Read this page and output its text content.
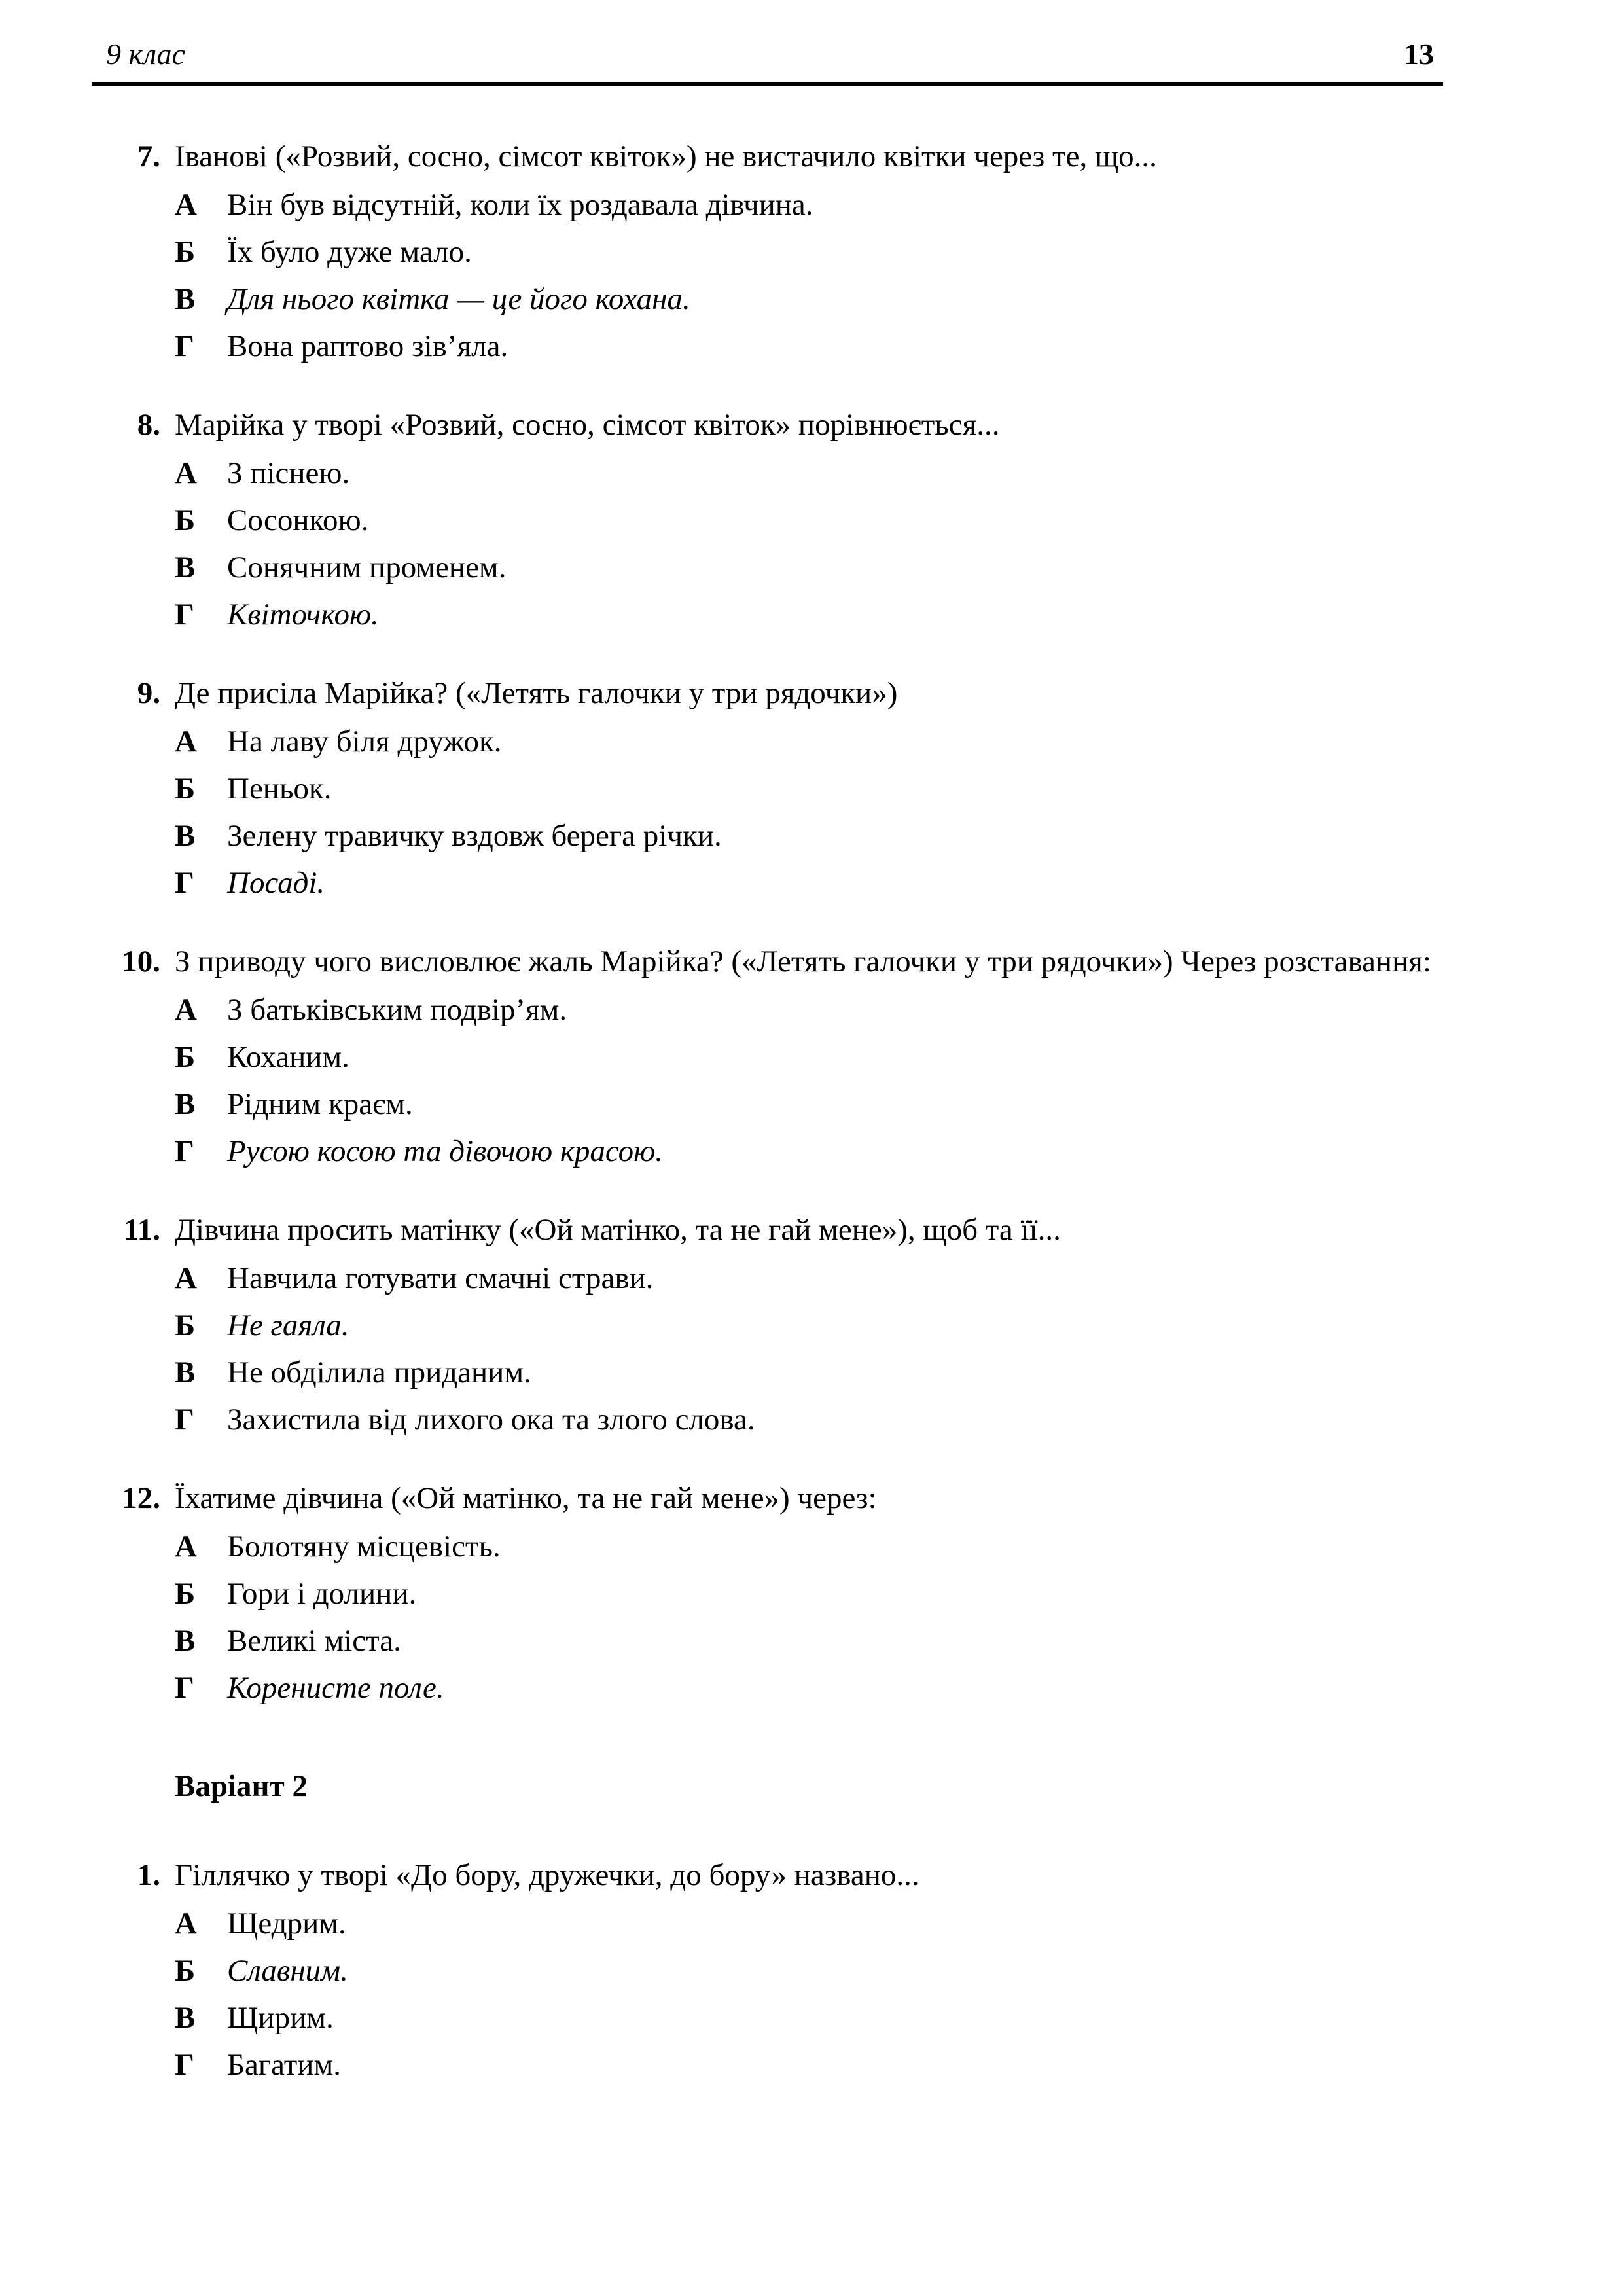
9 клас	13
7. Іванові («Розвий, сосно, сімсот квіток») не вистачило квітки через те, що...
А Він був відсутній, коли їх роздавала дівчина.
Б	Їх було дуже мало.
В	Для нього квітка — це його кохана.
Г	Вона раптово зів’яла.
8. Марійка у творі «Розвий, сосно, сімсот квіток» порівнюється...
А З піснею.
Б	Сосонкою.
В	Сонячним променем.
Г	Квіточкою.
9. Де присіла Марійка? («Летять галочки у три рядочки»)
А На лаву біля дружок.
Б	Пеньок.
В	Зелену травичку вздовж берега річки.
Г	Посаді.
10. З приводу чого висловлює жаль Марійка? («Летять галочки у три рядочки») Через розставання:
А З батьківським подвір’ям.
Б	Коханим.
В	Рідним краєм.
Г	Русою косою та дівочою красою.
11. Дівчина просить матінку («Ой матінко, та не гай мене»), щоб та її...
А Навчила готувати смачні страви.
Б	Не гаяла.
В	Не обділила приданим.
Г	Захистила від лихого ока та злого слова.
12. Їхатиме дівчина («Ой матінко, та не гай мене») через:
А Болотяну місцевість.
Б	Гори і долини.
В	Великі міста.
Г	Коренисте поле.
Варіант 2
1. Гіллячко у творі «До бору, дружечки, до бору» названо...
А Щедрим.
Б	Славним.
В	Щирим.
Г	Багатим.
